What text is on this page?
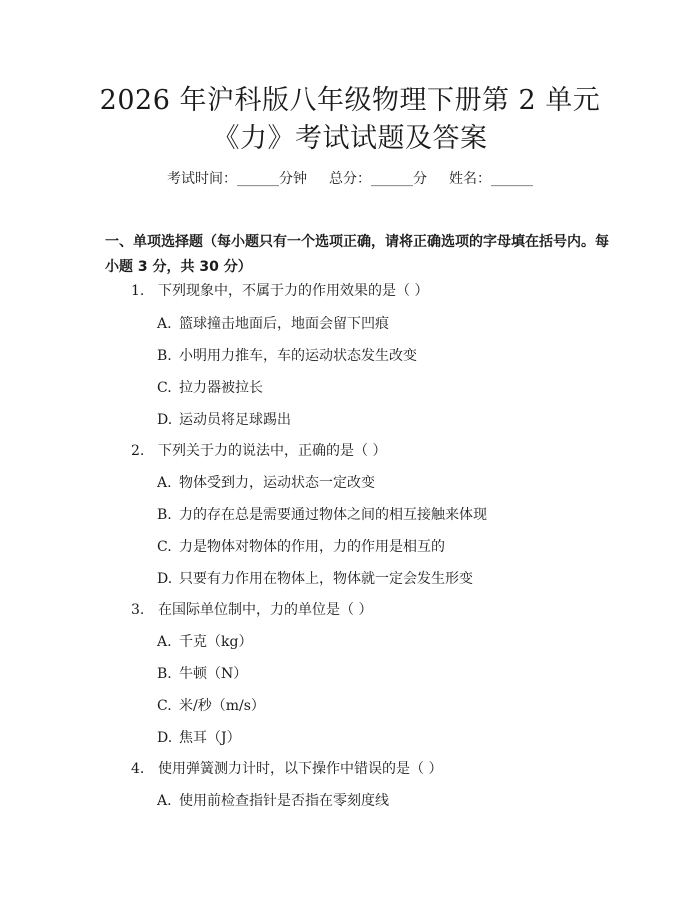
2026 年沪科版八年级物理下册第 2 单元
《力》考试试题及答案
考试时间：______分钟 总分：______分 姓名：______
一、单项选择题（每小题只有一个选项正确，请将正确选项的字母填在括号内。每小题 3 分，共 30 分）
1. 下列现象中，不属于力的作用效果的是（ ）
A. 篮球撞击地面后，地面会留下凹痕
B. 小明用力推车，车的运动状态发生改变
C. 拉力器被拉长
D. 运动员将足球踢出
2. 下列关于力的说法中，正确的是（ ）
A. 物体受到力，运动状态一定改变
B. 力的存在总是需要通过物体之间的相互接触来体现
C. 力是物体对物体的作用，力的作用是相互的
D. 只要有力作用在物体上，物体就一定会发生形变
3. 在国际单位制中，力的单位是（ ）
A. 千克（kg）
B. 牛顿（N）
C. 米/秒（m/s）
D. 焦耳（J）
4. 使用弹簧测力计时，以下操作中错误的是（ ）
A. 使用前检查指针是否指在零刻度线
